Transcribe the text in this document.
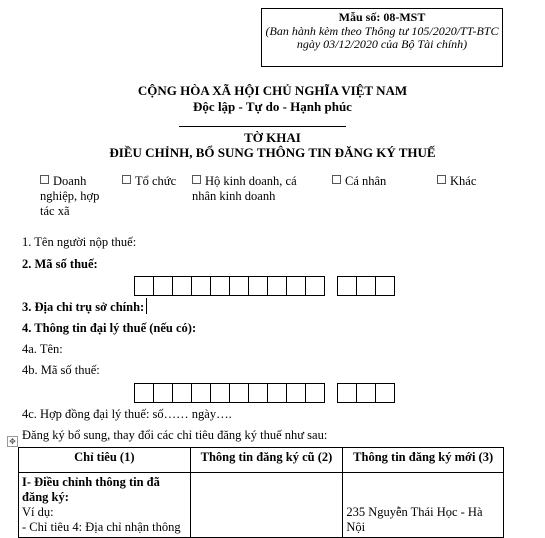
Mẫu số: 08-MST
(Ban hành kèm theo Thông tư 105/2020/TT-BTC ngày 03/12/2020 của Bộ Tài chính)
CỘNG HÒA XÃ HỘI CHỦ NGHĨA VIỆT NAM
Độc lập - Tự do - Hạnh phúc
TỜ KHAI
ĐIỀU CHỈNH, BỔ SUNG THÔNG TIN ĐĂNG KÝ THUẾ
Doanh nghiệp, hợp tác xã
Tổ chức	Hộ kinh doanh, cá nhân kinh doanh
Cá nhân	Khác
1. Tên người nộp thuế:
2. Mã số thuế:
3. Địa chỉ trụ sở chính:
4. Thông tin đại lý thuế (nếu có):
4a. Tên:
4b. Mã số thuế:
4c. Hợp đồng đại lý thuế: số…… ngày….
✥ Đăng ký bổ sung, thay đổi các chỉ tiêu đăng ký thuế như sau:
Chỉ tiêu (1)	Thông tin đăng ký cũ (2)	Thông tin đăng ký mới (3)

I- Điều chỉnh thông tin đã đăng ký:
Ví dụ:
- Chỉ tiêu 4: Địa chỉ nhận thông		235 Nguyễn Thái Học - Hà Nội
